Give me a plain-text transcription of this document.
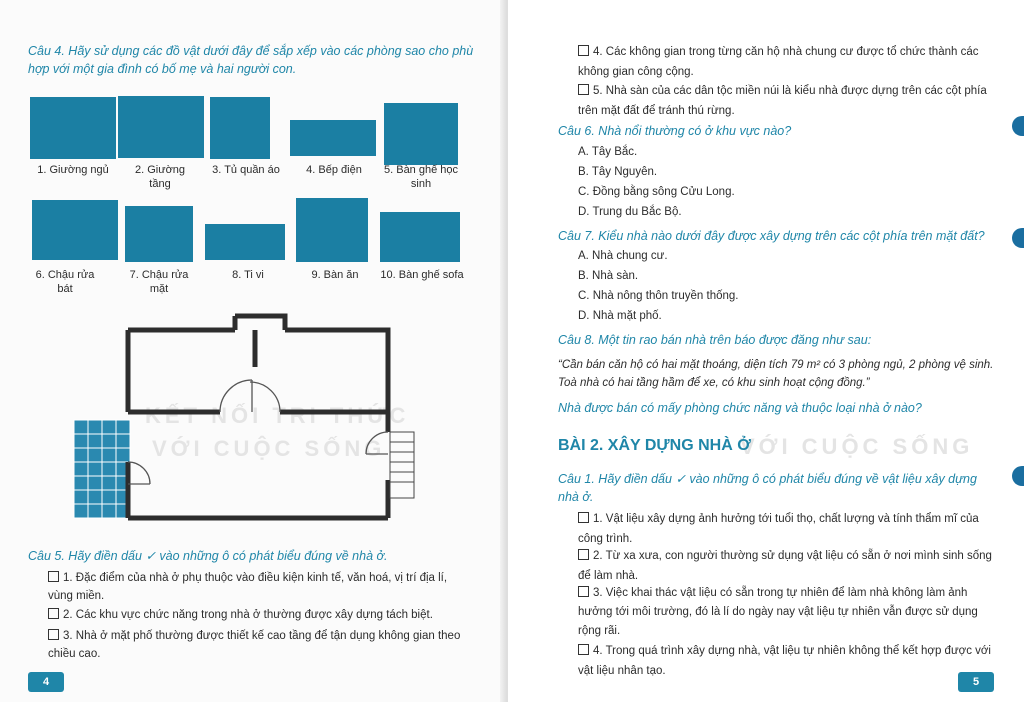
KẾT NỐI TRI THỨC
VỚI CUỘC SỐNG
Câu 4. Hãy sử dụng các đồ vật dưới đây để sắp xếp vào các phòng sao cho phù hợp với một gia đình có bố mẹ và hai người con.
1. Giường ngủ	2. Giường tầng
3. Tủ quần áo	4. Bếp điện	5. Bàn ghế học sinh
6. Chậu rửa bát
7. Chậu rửa mặt
8. Ti vi	9. Bàn ăn	10. Bàn ghế sofa
Câu 5. Hãy điền dấu ✓ vào những ô có phát biểu đúng về nhà ở.
1. Đặc điểm của nhà ở phụ thuộc vào điều kiện kinh tế, văn hoá, vị trí địa lí, vùng miền.
2. Các khu vực chức năng trong nhà ở thường được xây dựng tách biệt.
3. Nhà ở mặt phố thường được thiết kế cao tầng để tận dụng không gian theo chiều cao.
4
VỚI CUỘC SỐNG
4. Các không gian trong từng căn hộ nhà chung cư được tổ chức thành các không gian công cộng.
5. Nhà sàn của các dân tộc miền núi là kiểu nhà được dựng trên các cột phía trên mặt đất để tránh thú rừng.
Câu 6. Nhà nổi thường có ở khu vực nào?
A. Tây Bắc.
B. Tây Nguyên.
C. Đồng bằng sông Cửu Long.
D. Trung du Bắc Bộ.
Câu 7. Kiểu nhà nào dưới đây được xây dựng trên các cột phía trên mặt đất?
A. Nhà chung cư.
B. Nhà sàn.
C. Nhà nông thôn truyền thống.
D. Nhà mặt phố.
Câu 8. Một tin rao bán nhà trên báo được đăng như sau:
“Cần bán căn hộ có hai mặt thoáng, diện tích 79 m² có 3 phòng ngủ, 2 phòng vệ sinh. Toà nhà có hai tầng hầm để xe, có khu sinh hoạt cộng đồng.”
Nhà được bán có mấy phòng chức năng và thuộc loại nhà ở nào?
BÀI 2. XÂY DỰNG NHÀ Ở
Câu 1. Hãy điền dấu ✓ vào những ô có phát biểu đúng về vật liệu xây dựng nhà ở.
1. Vật liệu xây dựng ảnh hưởng tới tuổi thọ, chất lượng và tính thẩm mĩ của công trình.
2. Từ xa xưa, con người thường sử dụng vật liệu có sẵn ở nơi mình sinh sống để làm nhà.
3. Việc khai thác vật liệu có sẵn trong tự nhiên để làm nhà không làm ảnh hưởng tới môi trường, đó là lí do ngày nay vật liệu tự nhiên vẫn được sử dụng rộng rãi.
4. Trong quá trình xây dựng nhà, vật liệu tự nhiên không thể kết hợp được với vật liệu nhân tạo.
5
